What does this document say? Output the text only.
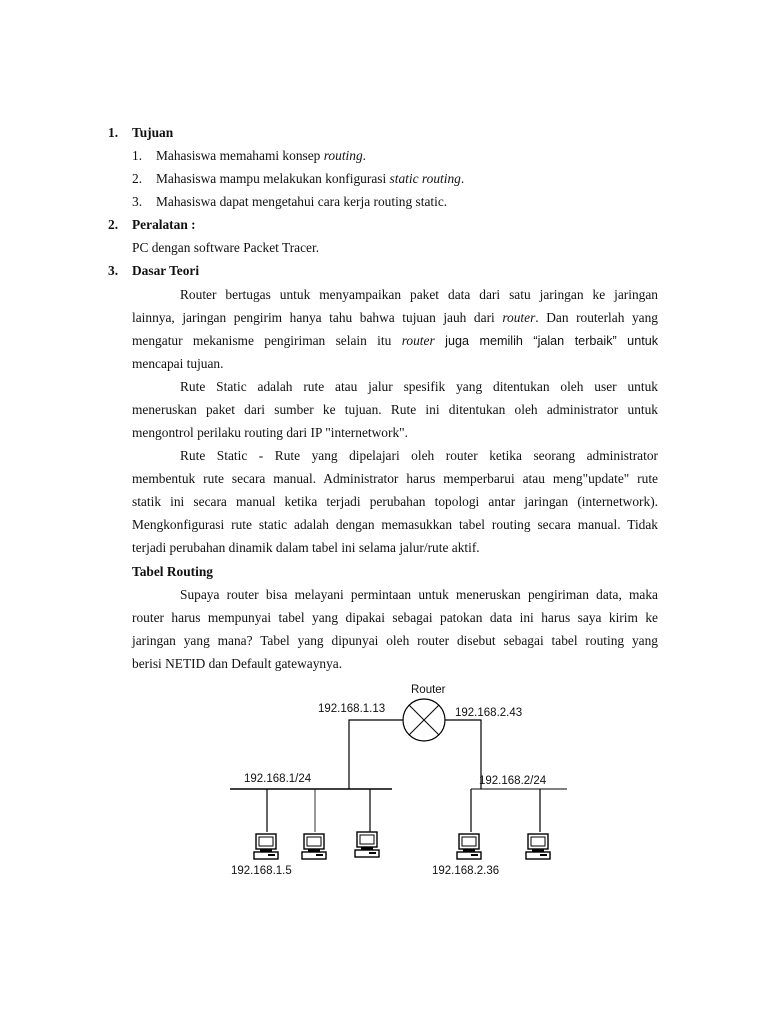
1. Tujuan
1. Mahasiswa memahami konsep routing.
2. Mahasiswa mampu melakukan konfigurasi static routing.
3. Mahasiswa dapat mengetahui cara kerja routing static.
2. Peralatan :
PC dengan software Packet Tracer.
3. Dasar Teori
Router bertugas untuk menyampaikan paket data dari satu jaringan ke jaringan
lainnya, jaringan pengirim hanya tahu bahwa tujuan jauh dari router. Dan routerlah yang
mengatur mekanisme pengiriman selain itu router juga memilih “jalan terbaik” untuk
mencapai tujuan.
Rute Static adalah rute atau jalur spesifik yang ditentukan oleh user untuk
meneruskan paket dari sumber ke tujuan. Rute ini ditentukan oleh administrator untuk
mengontrol perilaku routing dari IP "internetwork".
Rute Static - Rute yang dipelajari oleh router ketika seorang administrator
membentuk rute secara manual. Administrator harus memperbarui atau meng"update" rute
statik ini secara manual ketika terjadi perubahan topologi antar jaringan (internetwork).
Mengkonfigurasi rute static adalah dengan memasukkan tabel routing secara manual. Tidak
terjadi perubahan dinamik dalam tabel ini selama jalur/rute aktif.
Tabel Routing
Supaya router bisa melayani permintaan untuk meneruskan pengiriman data, maka
router harus mempunyai tabel yang dipakai sebagai patokan data ini harus saya kirim ke
jaringan yang mana? Tabel yang dipunyai oleh router disebut sebagai tabel routing yang
berisi NETID dan Default gatewaynya.
Router
192.168.1.13	192.168.2.43
192.168.1/24	192.168.2/24
192.168.1.5	192.168.2.36
